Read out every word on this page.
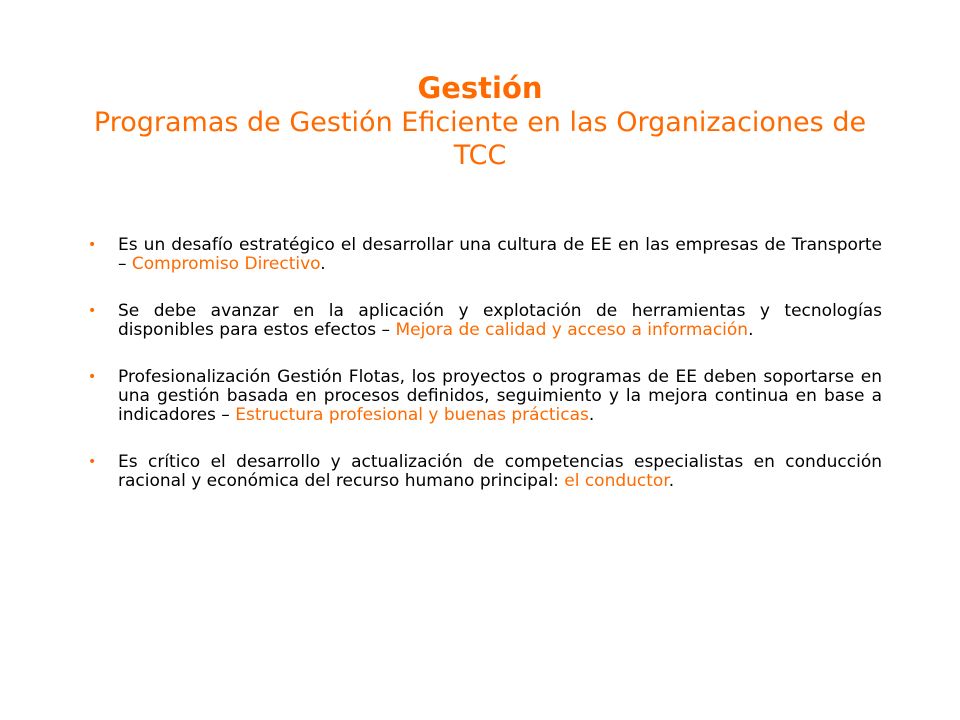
Gestión
Programas de Gestión Eficiente en las Organizaciones de TCC
• Es un desafío estratégico el desarrollar una cultura de EE en las empresas de Transporte – Compromiso Directivo.
• Se debe avanzar en la aplicación y explotación de herramientas y tecnologías disponibles para estos efectos – Mejora de calidad y acceso a información.
• Profesionalización Gestión Flotas, los proyectos o programas de EE deben soportarse en una gestión basada en procesos definidos, seguimiento y la mejora continua en base a indicadores – Estructura profesional y buenas prácticas.
• Es crítico el desarrollo y actualización de competencias especialistas en conducción racional y económica del recurso humano principal: el conductor.
